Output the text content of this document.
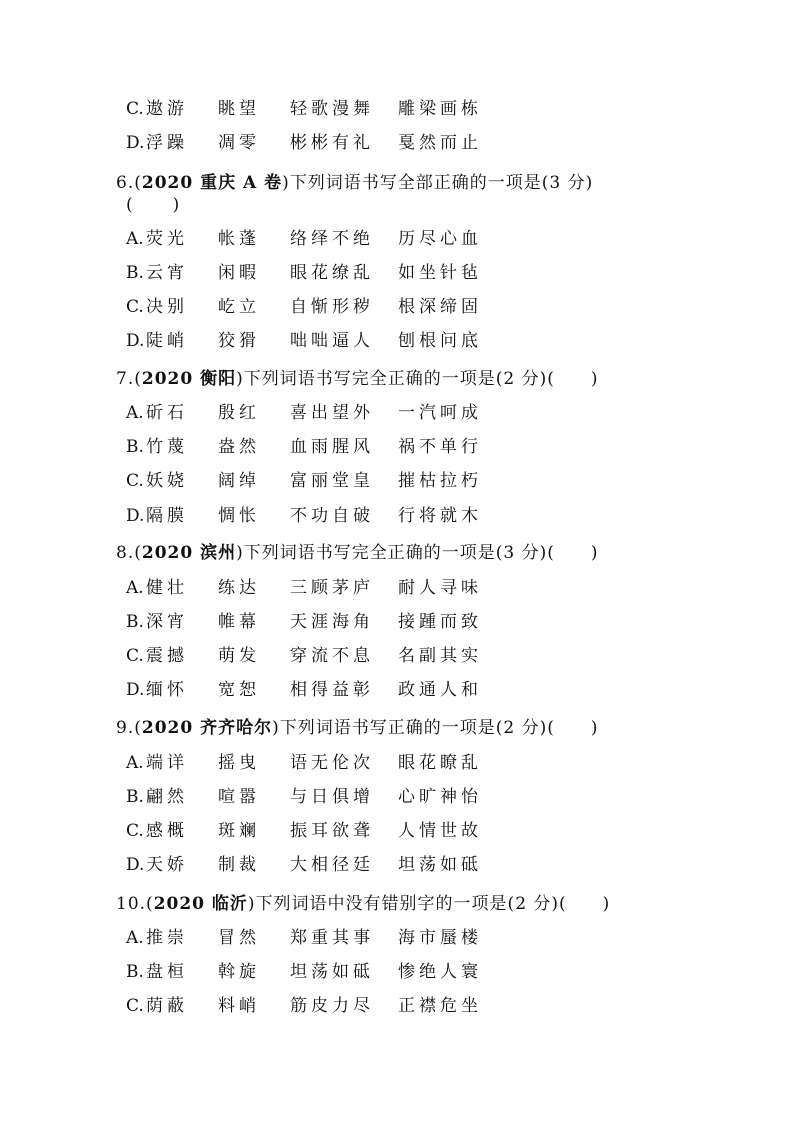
C. 遨游 眺望 轻歌漫舞 雕梁画栋
D. 浮躁 凋零 彬彬有礼 戛然而止
6.(2020 重庆 A 卷)下列词语书写全部正确的一项是(3 分)
(　　)
A. 荧光 帐蓬 络绎不绝 历尽心血
B. 云宵 闲暇 眼花缭乱 如坐针毡
C. 决别 屹立 自惭形秽 根深缔固
D. 陡峭 狡猾 咄咄逼人 刨根问底
7.(2020 衡阳)下列词语书写完全正确的一项是(2 分)(　　)
A. 斫石 殷红 喜出望外 一汽呵成
B. 竹蔑 盎然 血雨腥风 祸不单行
C. 妖娆 阔绰 富丽堂皇 摧枯拉朽
D. 隔膜 惆怅 不功自破 行将就木
8.(2020 滨州)下列词语书写完全正确的一项是(3 分)(　　)
A. 健壮 练达 三顾茅庐 耐人寻味
B. 深宵 帷幕 天涯海角 接踵而致
C. 震撼 萌发 穿流不息 名副其实
D. 缅怀 宽恕 相得益彰 政通人和
9.(2020 齐齐哈尔)下列词语书写正确的一项是(2 分)(　　)
A. 端详 摇曳 语无伦次 眼花瞭乱
B. 翩然 喧嚣 与日俱增 心旷神怡
C. 感概 斑斓 振耳欲聋 人情世故
D. 天娇 制裁 大相径廷 坦荡如砥
10.(2020 临沂)下列词语中没有错别字的一项是(2 分)(　　)
A. 推崇 冒然 郑重其事 海市蜃楼
B. 盘桓 斡旋 坦荡如砥 惨绝人寰
C. 荫蔽 料峭 筋皮力尽 正襟危坐
